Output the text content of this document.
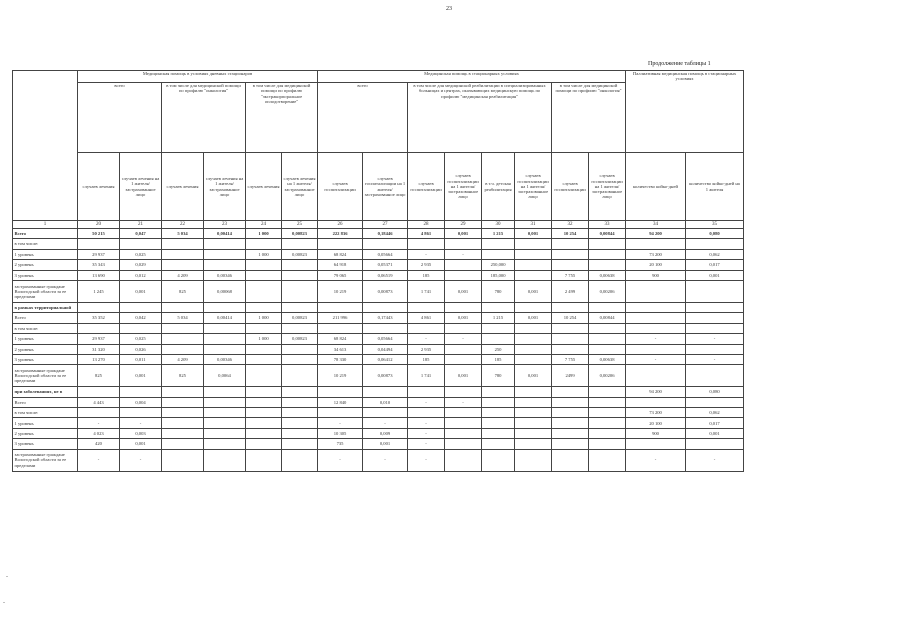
23
Продолжение таблицы 1
	Медицинская помощь в условиях дневных стационаров						Медицинская помощь в стационарных условиях								Паллиативная медицинская помощь в стационарных условиях	
	всего		в том числе для медицинской помощи по профилю "онкология"		в том числе для медицинской помощи по профилю "экстракорпоральное оплодотворение"		всего		в том числе для медицинской реабилитации в специализированных больницах и центрах, оказывающих медицинскую помощь по профилю "медицинская реабилитация"				в том числе для медицинской помощи по профилю "онкология"			
	случаев лечения	случаев лечения на 1 жителя/застрахованное лицо	случаев лечения	случаев лечения на 1 жителя/застрахованное лицо	случаев лечения	случаев лечения на 1 жителя/застрахованное лицо	случаев госпитализации	случаев госпитализации на 1 жителя/застрахованное лицо	случаев госпитализации	случаев госпитализации на 1 жителя/застрахованное лицо	в т.ч. детская реабилитация	случаев госпитализации на 1 жителя/застрахованное лицо	случаев госпитализации	случаев госпитализации на 1 жителя/застрахованное лицо	количество койко-дней	количество койко-дней на 1 жителя
1	20	21	22	23	24	25	26	27	28	29	30	31	32	33	34	35
Всего	50 215	0,047	5 034	0,00414	1 000	0,00823	222 836	0,18446	4 861	0,001	1 215	0,001	10 254	0,00844	94 200	0,080
в том числе:																
1 уровень	29 937	0,025			1 000	0,00823	68 824	0,05664	-	-					73 200	0,062
2 уровень	35 343	0,029					64 918	0,05371	2 935		250,000				20 100	0,017
3 уровень	13 690	0,012	4 209	0,00346			79 065	0,06519	185		185,000		7 755	0,00638	900	0,001
застрахованные граждане Вологодской области за ее пределами	1 245	0,001	825	0,00068			10 219	0,00873	1 741	0,001	780	0,001	2 499	0,00206		
в рамках территориальной																
Всего	35 352	0,042	5 034	0,00414	1 000	0,00823	211 996	0,17443	4 861	0,001	1 215	0,001	10 254	0,00844		
в том числе:																
1 уровень	29 937	0,025			1 000	0,00823	68 824	0,05664	-	-					-	-
2 уровень	31 320	0,026					34 613	0,04494	2 935		250					
3 уровень	13 270	0,011	4 209	0,00346			78 330	0,06412	185		185		7 755	0,00638	-	-
застрахованные граждане Вологодской области за ее пределами	825	0,001	825	0,0064			10 219	0,00873	1 741	0,001	780	0,001	2499	0,00206		
при заболеваниях, не в															94 200	0,080
Всего	4 443	0,004					12 840	0,010	-	-						
в том числе:															73 200	0,062
1 уровень	-	-					-	-	-						20 100	0,017
2 уровень	4 023	0,003					10 305	0,009	-						900	0,001
3 уровень	420	0,001					735	0,001	-							
застрахованные граждане Вологодской области за ее пределами	-	-					-	-	-						-	-
-
-
